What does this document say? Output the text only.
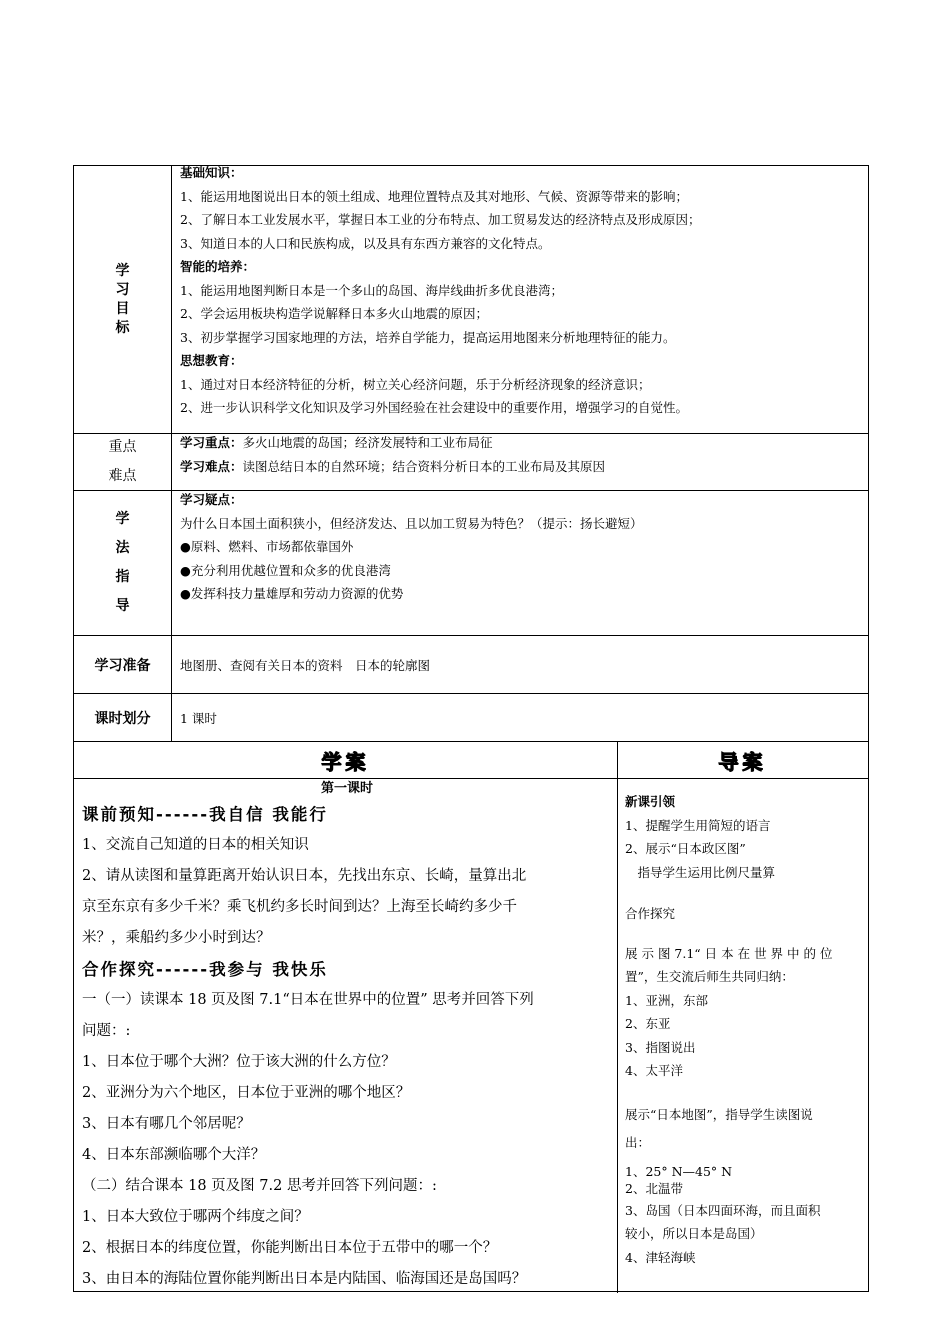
学习目标
基础知识：
1、能运用地图说出日本的领土组成、地理位置特点及其对地形、气候、资源等带来的影响；
2、了解日本工业发展水平，掌握日本工业的分布特点、加工贸易发达的经济特点及形成原因；
3、知道日本的人口和民族构成，以及具有东西方兼容的文化特点。
智能的培养：
1、能运用地图判断日本是一个多山的岛国、海岸线曲折多优良港湾；
2、学会运用板块构造学说解释日本多火山地震的原因；
3、初步掌握学习国家地理的方法，培养自学能力，提高运用地图来分析地理特征的能力。
思想教育：
1、通过对日本经济特征的分析，树立关心经济问题，乐于分析经济现象的经济意识；
2、进一步认识科学文化知识及学习外国经验在社会建设中的重要作用，增强学习的自觉性。
重点
难点
学习重点：多火山地震的岛国；经济发展特和工业布局征
学习难点：读图总结日本的自然环境；结合资料分析日本的工业布局及其原因
学
法
指
导
学习疑点：
为什么日本国土面积狭小，但经济发达、且以加工贸易为特色？（提示：扬长避短）
●原料、燃料、市场都依靠国外
●充分利用优越位置和众多的优良港湾
●发挥科技力量雄厚和劳动力资源的优势
学习准备 地图册、查阅有关日本的资料　日本的轮廓图
课时划分 1 课时
学案	导案
第一课时
课前预知------我自信 我能行
1、交流自己知道的日本的相关知识
2、请从读图和量算距离开始认识日本，先找出东京、长崎，量算出北
京至东京有多少千米？乘飞机约多长时间到达？上海至长崎约多少千
米？，乘船约多少小时到达？
合作探究------我参与 我快乐
一（一）读课本 18 页及图 7.1“日本在世界中的位置” 思考并回答下列
问题：:
1、日本位于哪个大洲？位于该大洲的什么方位？
2、亚洲分为六个地区，日本位于亚洲的哪个地区？
3、日本有哪几个邻居呢？
4、日本东部濒临哪个大洋？
（二）结合课本 18 页及图 7.2 思考并回答下列问题：:
1、日本大致位于哪两个纬度之间？
2、根据日本的纬度位置，你能判断出日本位于五带中的哪一个？
3、由日本的海陆位置你能判断出日本是内陆国、临海国还是岛国吗？
新课引领
1、提醒学生用简短的语言
2、展示“日本政区图”
　指导学生运用比例尺量算
合作探究
展 示 图 7.1“ 日 本 在 世 界 中 的 位
置”，生交流后师生共同归纳：
1、亚洲，东部
2、东亚
3、指图说出
4、太平洋
展示“日本地图”，指导学生读图说
出：
1、25° N—45° N
2、北温带
3、岛国（日本四面环海，而且面积
较小，所以日本是岛国）
4、津轻海峡
